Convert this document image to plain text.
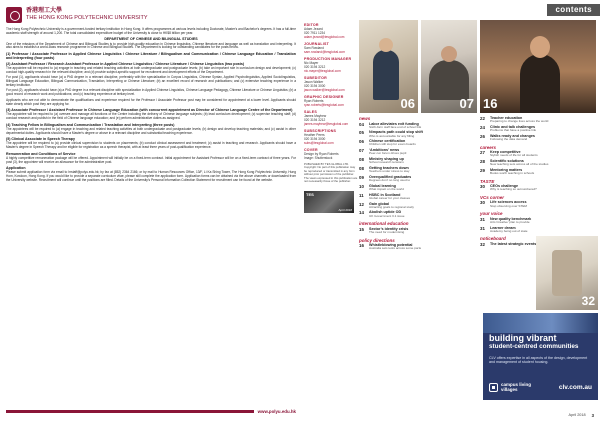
香港理工大學
THE HONG KONG POLYTECHNIC UNIVERSITY

The Hong Kong Polytechnic University is a government-funded tertiary institution in Hong Kong. It offers programmes at various levels including Doctorate, Master's and Bachelor's degrees. It has a full-time academic staff strength of around 1,200. The total consolidated expenditure budget of the University is close to HK$8 billion per year.

DEPARTMENT OF CHINESE AND BILINGUAL STUDIES

One of the missions of the Department of Chinese and Bilingual Studies is to provide high-quality education in Chinese linguistics, Chinese literature and language as well as translation and interpreting. It also aims to establish a world-class research programme in Chinese and Bilingual Studies. The Department is looking for outstanding candidates for the posts below.

(1) Professor / Associate Professor in Applied Chinese Linguistics / Chinese Literature / Bilingualism and Communication / Chinese Language Education / Translation and Interpreting (four posts)

(2) Assistant Professor / Research Assistant Professor in Applied Chinese Linguistics / Chinese Literature / Chinese Linguistics (two posts)

The appointee will be required to (a) engage in teaching and related teaching activities at both undergraduate and postgraduate levels; (b) take an important role in curriculum design and development; (c) conduct high-quality research in the relevant discipline; and (d) provide subject-specific support for recruitment and development efforts of the Department.

For post (1), applicants should have (a) a PhD degree in a relevant discipline, preferably with the specialization in Corpus Linguistics, Chinese Syntax, Applied Psycholinguistics, Applied Sociolinguistics, Bilingual Language Education, Bilingual Communication, Translation, Interpreting or Chinese Literature; (b) an excellent record of research and publications; and (c) extensive teaching experience in a tertiary institution.

For post (2), applicants should have (a) a PhD degree in a relevant discipline with specialization in Applied Chinese Linguistics, Chinese Language Pedagogy, Chinese Literature or Chinese Linguistics; (b) a good record of research work and publications; and (c) teaching experience at tertiary level.

Applicants who are not able to demonstrate the qualifications and experience required for the Professor / Associate Professor post may be considered for appointment at a lower level. Applicants should state clearly which post they are applying for.

(3) Associate Professor / Assistant Professor in Chinese Language Education (with concurrent appointment as Director of Chinese Language Centre of the Department)

The appointee will be required to (a) oversee and manage all functions of the Centre including the delivery of Chinese language subjects; (b) lead curriculum development; (c) supervise teaching staff; (d) conduct research and publish in the field of Chinese language education; and (e) perform administrative duties as assigned.

(4) Teaching Fellow in Bilingualism and Communication / Translation and Interpreting (three posts)

The appointees will be required to (a) engage in teaching and related teaching activities at both undergraduate and postgraduate levels; (b) design and develop teaching materials; and (c) assist in other departmental duties. Applicants should have a Master's degree or above in a relevant discipline and substantial teaching experience.

(5) Clinical Associate in Speech Therapy

The appointee will be required to (a) provide clinical supervision to students on placements; (b) conduct clinical assessment and treatment; (c) assist in teaching and research. Applicants should have a Master's degree in Speech Therapy and be eligible for registration as a speech therapist, with at least three years of post-qualification experience.

Remuneration and Conditions of Service

A highly competitive remuneration package will be offered. Appointment will initially be on a fixed-term contract. Initial appointment for Assistant Professor will be on a fixed-term contract of three years. For post (3), the appointee will receive an allowance for the administrative post.

Application

Please submit application form via email to hrstaff@polyu.edu.hk; by fax at (852) 2364 2166; or by mail to Human Resources Office, 13/F, Li Ka Shing Tower, The Hong Kong Polytechnic University, Hung Hom, Kowloon, Hong Kong. If you would like to provide a separate curriculum vitae, please still complete the application form. Application forms can be obtained via the above channels or downloaded from the University website. Recruitment will continue until the positions are filled. Details of the University's Personal Information Collection Statement for recruitment can be found at the website.

www.polyu.edu.hk
contents
EDITOR
Adam Jezard
020 7911 1234
adam.jezard@tesglobal.com
JOURNALIST
Sam Rowland
sam.rowland@tesglobal.com
PRODUCTION MANAGER
Nic Mayer
020 3194 3212
nic.mayer@tesglobal.com
SUBEDITOR
Jason Walker
020 3194 3000
jason.walker@tesglobal.com
GRAPHIC DESIGNER
Ryan Roberts
ryan.roberts@tesglobal.com
SALES
James Mayhew
020 3194 3212
james.mayhew@tesglobal.com
SUBSCRIPTIONS
Heather Peers
020 3194 3000
subs@tesglobal.com
COVER
Design by Ryan Roberts
Image: Shutterstock
PUBLISHED BY TES GLOBAL LTD. Copyright: No part of this publication may be reproduced or transmitted in any form without prior permission of the publisher. The views expressed in this publication are not necessarily those of the publisher.
TES
April 2018
06	07 16
news
04	Labor alleviates exit funding
Sixth-form staff face end of school link
05	Nimpacts path could stop shift
Who is accountable for any filling
06	Chinese certification
Children still stop for exam boards
07	‘Ambitions’ news
Peer-run forum drives pupil
08	Ministry shaping up
School research tensions
08	Getting teachers down
Teachers under stress to stay
09	Overqualified graduates
Degrees don’t so long used to
10	Global learning
What impact on the world
11	HSBC in Scotland
Global career for your classes
12	Gain global
Attracting goals to regional study
14	Abolish uptide OD
UK Government 3.1 issue
international education
15	Sector’s identity crisis
The need for modernising
policy directions
16	Whistleblowing potential
Australia sets tests across some parts
22	Teacher education
Preparing to change lives across the world
24	Clinic and talk challenges
Problems that have a positive link
26	Walks ready and changes
Following the data demand
careers
27	Keep competitive
Stylish needs of life for all students
28	Scientific solutions
New teaching sets across all of the studies
29	Mentoring matters
Books worth teaching in schools
TASTE
30	CEOs challenge
Why is teaching so outnumbered?
VCs corner
30	Life sciences access
Stop observing over STEM
your voice
31	New quality benchmark
Arts Creative’ plan to provide
31	Learner dream
Academy being out of state
noticeboard
32	The latest strategic events
32
building vibrant
student-centred communities
CLV offers expertise in all aspects of the design, development and management of student housing.
campus living
villages	clv.com.au
April 2018 3
